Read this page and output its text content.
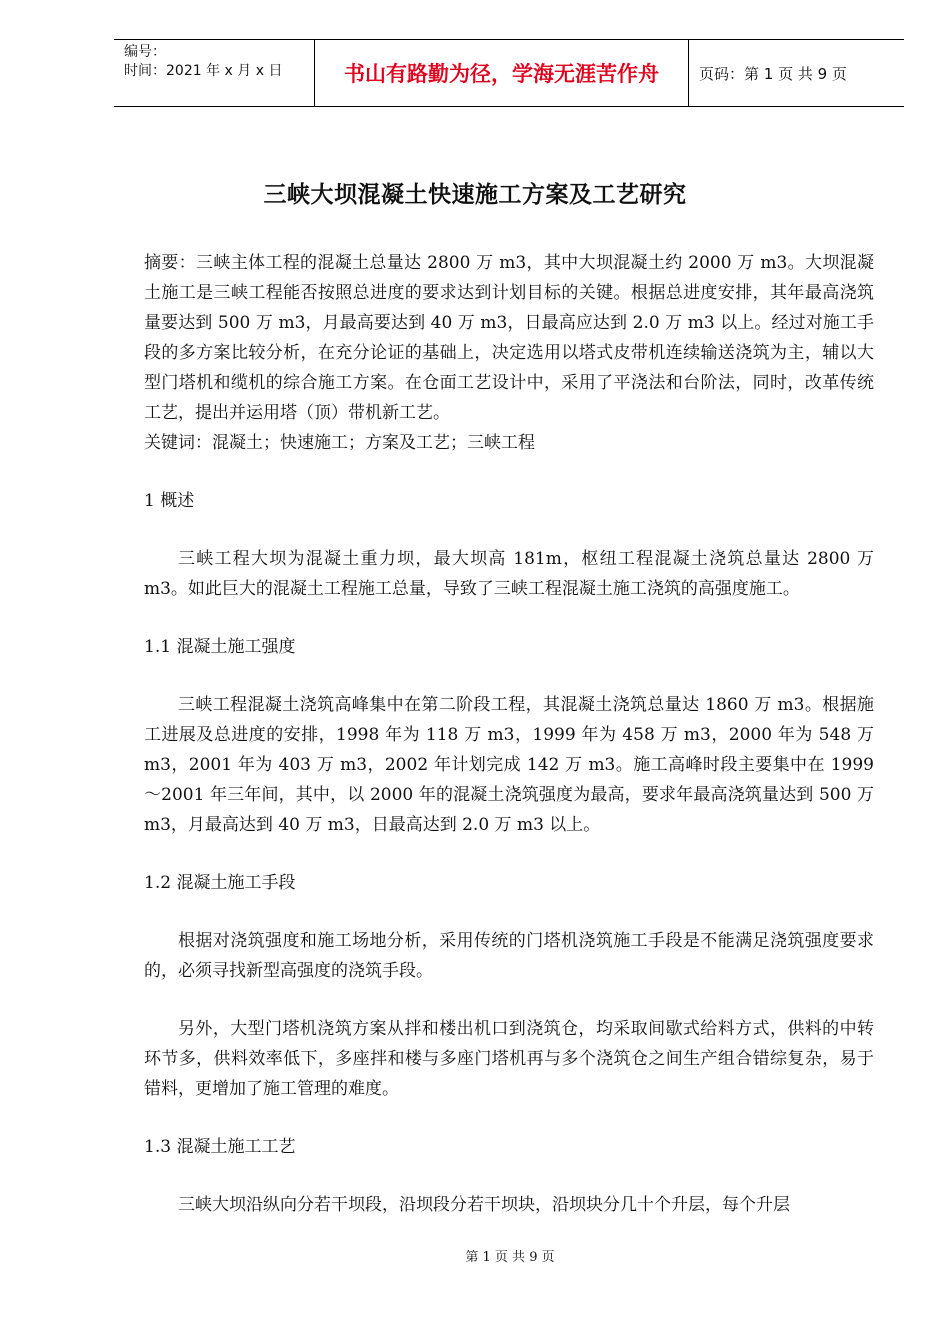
编号：
时间：2021 年 x 月 x 日	书山有路勤为径，学海无涯苦作舟	页码：第 1 页 共 9 页
三峡大坝混凝土快速施工方案及工艺研究

摘要：三峡主体工程的混凝土总量达 2800 万 m3，其中大坝混凝土约 2000 万 m3。大坝混凝土施工是三峡工程能否按照总进度的要求达到计划目标的关键。根据总进度安排，其年最高浇筑量要达到 500 万 m3，月最高要达到 40 万 m3，日最高应达到 2.0 万 m3 以上。经过对施工手段的多方案比较分析，在充分论证的基础上，决定选用以塔式皮带机连续输送浇筑为主，辅以大型门塔机和缆机的综合施工方案。在仓面工艺设计中，采用了平浇法和台阶法，同时，改革传统工艺，提出并运用塔（顶）带机新工艺。

关键词：混凝土；快速施工；方案及工艺；三峡工程

1 概述

三峡工程大坝为混凝土重力坝，最大坝高 181m，枢纽工程混凝土浇筑总量达 2800 万 m3。如此巨大的混凝土工程施工总量，导致了三峡工程混凝土施工浇筑的高强度施工。

1.1 混凝土施工强度

三峡工程混凝土浇筑高峰集中在第二阶段工程，其混凝土浇筑总量达 1860 万 m3。根据施工进展及总进度的安排，1998 年为 118 万 m3，1999 年为 458 万 m3，2000 年为 548 万 m3，2001 年为 403 万 m3，2002 年计划完成 142 万 m3。施工高峰时段主要集中在 1999～2001 年三年间，其中，以 2000 年的混凝土浇筑强度为最高，要求年最高浇筑量达到 500 万 m3，月最高达到 40 万 m3，日最高达到 2.0 万 m3 以上。

1.2 混凝土施工手段

根据对浇筑强度和施工场地分析，采用传统的门塔机浇筑施工手段是不能满足浇筑强度要求的，必须寻找新型高强度的浇筑手段。

另外，大型门塔机浇筑方案从拌和楼出机口到浇筑仓，均采取间歇式给料方式，供料的中转环节多，供料效率低下，多座拌和楼与多座门塔机再与多个浇筑仓之间生产组合错综复杂，易于错料，更增加了施工管理的难度。

1.3 混凝土施工工艺

三峡大坝沿纵向分若干坝段，沿坝段分若干坝块，沿坝块分几十个升层，每个升层

第 1 页 共 9 页
